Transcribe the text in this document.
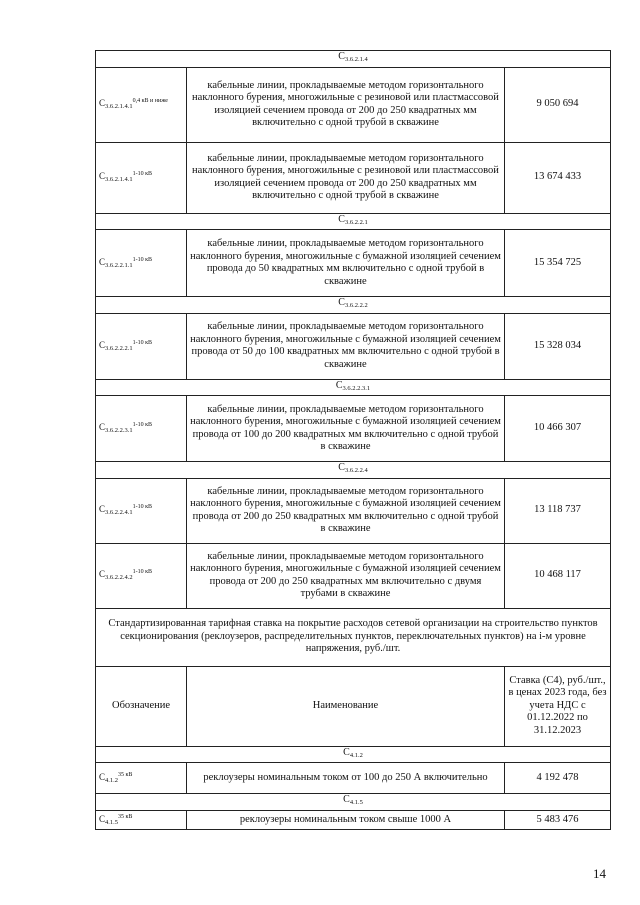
$С_{3.6.2.1.4}$
$С_{3.6.2.1.4.1}^{0,4 кВ и ниже}$	кабельные линии, прокладываемые методом горизонтального наклонного бурения, многожильные с резиновой или пластмассовой изоляцией сечением провода от 200 до 250 квадратных мм включительно с одной трубой в скважине	9 050 694
$С_{3.6.2.1.4.1}^{1-10 кВ}$	кабельные линии, прокладываемые методом горизонтального наклонного бурения, многожильные с резиновой или пластмассовой изоляцией сечением провода от 200 до 250 квадратных мм включительно с одной трубой в скважине	13 674 433
$С_{3.6.2.2.1}$
$С_{3.6.2.2.1.1}^{1-10 кВ}$	кабельные линии, прокладываемые методом горизонтального наклонного бурения, многожильные с бумажной изоляцией сечением провода до 50 квадратных мм включительно с одной трубой в скважине	15 354 725
$С_{3.6.2.2.2}$
$С_{3.6.2.2.2.1}^{1-10 кВ}$	кабельные линии, прокладываемые методом горизонтального наклонного бурения, многожильные с бумажной изоляцией сечением провода от 50 до 100 квадратных мм включительно с одной трубой в скважине	15 328 034
$С_{3.6.2.2.3.1}$
$С_{3.6.2.2.3.1}^{1-10 кВ}$	кабельные линии, прокладываемые методом горизонтального наклонного бурения, многожильные с бумажной изоляцией сечением провода от 100 до 200 квадратных мм включительно с одной трубой в скважине	10 466 307
$С_{3.6.2.2.4}$
$С_{3.6.2.2.4.1}^{1-10 кВ}$	кабельные линии, прокладываемые методом горизонтального наклонного бурения, многожильные с бумажной изоляцией сечением провода от 200 до 250 квадратных мм включительно с одной трубой в скважине	13 118 737
$С_{3.6.2.2.4.2}^{1-10 кВ}$	кабельные линии, прокладываемые методом горизонтального наклонного бурения, многожильные с бумажной изоляцией сечением провода от 200 до 250 квадратных мм включительно с двумя трубами в скважине	10 468 117
Стандартизированная тарифная ставка на покрытие расходов сетевой организации на строительство пунктов секционирования (реклоузеров, распределительных пунктов, переключательных пунктов) на i-м уровне напряжения, руб./шт.		
Обозначение	Наименование	Ставка (С4), руб./шт., в ценах 2023 года, без учета НДС с 01.12.2022 по 31.12.2023
$С_{4.1.2}$
$С_{4.1.2}^{35 кВ}$	реклоузеры номинальным током от 100 до 250 А включительно	4 192 478
$С_{4.1.5}$
$С_{4.1.5}^{35 кВ}$	реклоузеры номинальным током свыше 1000 А	5 483 476
14
